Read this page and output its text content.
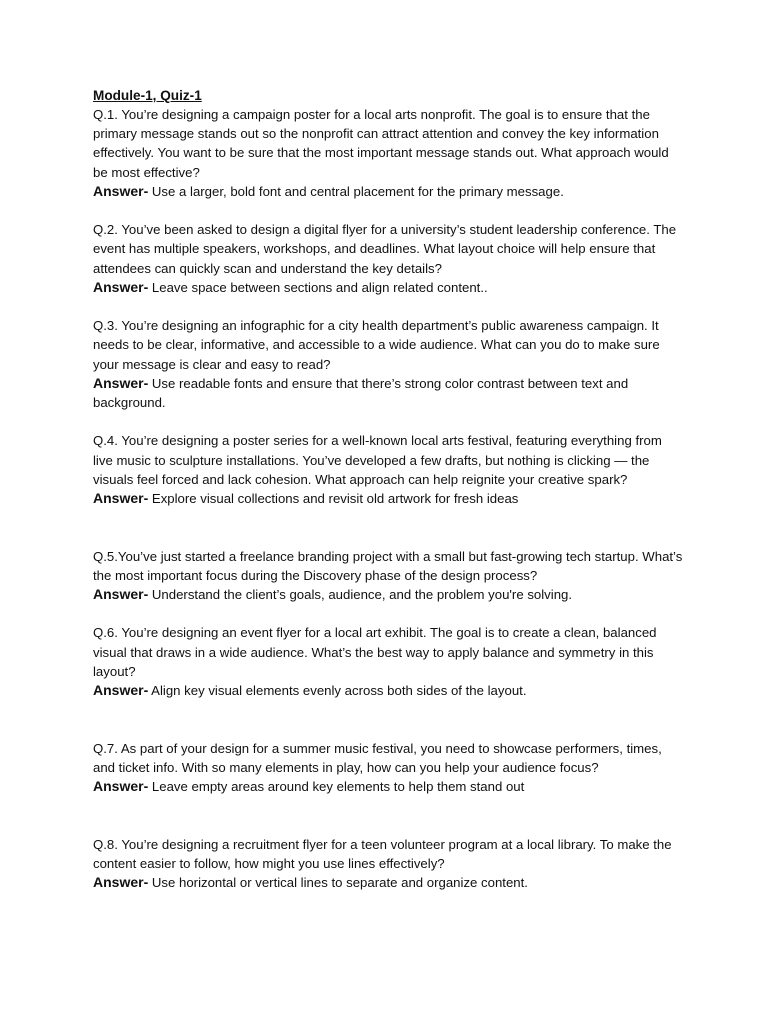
Module-1, Quiz-1

Q.1. You’re designing a campaign poster for a local arts nonprofit. The goal is to ensure that the primary message stands out so the nonprofit can attract attention and convey the key information effectively. You want to be sure that the most important message stands out. What approach would be most effective?

Answer- Use a larger, bold font and central placement for the primary message.

Q.2. You’ve been asked to design a digital flyer for a university’s student leadership conference. The event has multiple speakers, workshops, and deadlines. What layout choice will help ensure that attendees can quickly scan and understand the key details?

Answer- Leave space between sections and align related content..

Q.3. You’re designing an infographic for a city health department’s public awareness campaign. It needs to be clear, informative, and accessible to a wide audience. What can you do to make sure your message is clear and easy to read?

Answer- Use readable fonts and ensure that there’s strong color contrast between text and background.

Q.4. You’re designing a poster series for a well-known local arts festival, featuring everything from live music to sculpture installations. You’ve developed a few drafts, but nothing is clicking — the visuals feel forced and lack cohesion. What approach can help reignite your creative spark?

Answer- Explore visual collections and revisit old artwork for fresh ideas

Q.5.You’ve just started a freelance branding project with a small but fast-growing tech startup. What’s the most important focus during the Discovery phase of the design process?

Answer- Understand the client’s goals, audience, and the problem you're solving.

Q.6. You’re designing an event flyer for a local art exhibit. The goal is to create a clean, balanced visual that draws in a wide audience. What’s the best way to apply balance and symmetry in this layout?

Answer- Align key visual elements evenly across both sides of the layout.

Q.7. As part of your design for a summer music festival, you need to showcase performers, times, and ticket info. With so many elements in play, how can you help your audience focus?

Answer- Leave empty areas around key elements to help them stand out

Q.8. You’re designing a recruitment flyer for a teen volunteer program at a local library. To make the content easier to follow, how might you use lines effectively?

Answer- Use horizontal or vertical lines to separate and organize content.
